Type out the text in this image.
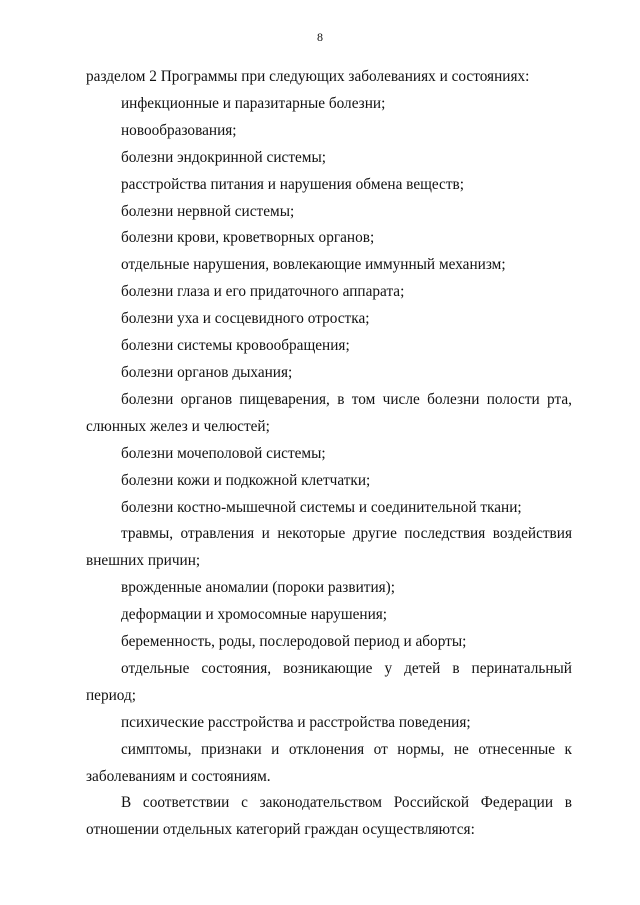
8

разделом 2 Программы при следующих заболеваниях и состояниях:

инфекционные и паразитарные болезни;

новообразования;

болезни эндокринной системы;

расстройства питания и нарушения обмена веществ;

болезни нервной системы;

болезни крови, кроветворных органов;

отдельные нарушения, вовлекающие иммунный механизм;

болезни глаза и его придаточного аппарата;

болезни уха и сосцевидного отростка;

болезни системы кровообращения;

болезни органов дыхания;

болезни органов пищеварения, в том числе болезни полости рта, слюнных желез и челюстей;

болезни мочеполовой системы;

болезни кожи и подкожной клетчатки;

болезни костно-мышечной системы и соединительной ткани;

травмы, отравления и некоторые другие последствия воздействия внешних причин;

врожденные аномалии (пороки развития);

деформации и хромосомные нарушения;

беременность, роды, послеродовой период и аборты;

отдельные состояния, возникающие у детей в перинатальный период;

психические расстройства и расстройства поведения;

симптомы, признаки и отклонения от нормы, не отнесенные к заболеваниям и состояниям.

В соответствии с законодательством Российской Федерации в отношении отдельных категорий граждан осуществляются:
